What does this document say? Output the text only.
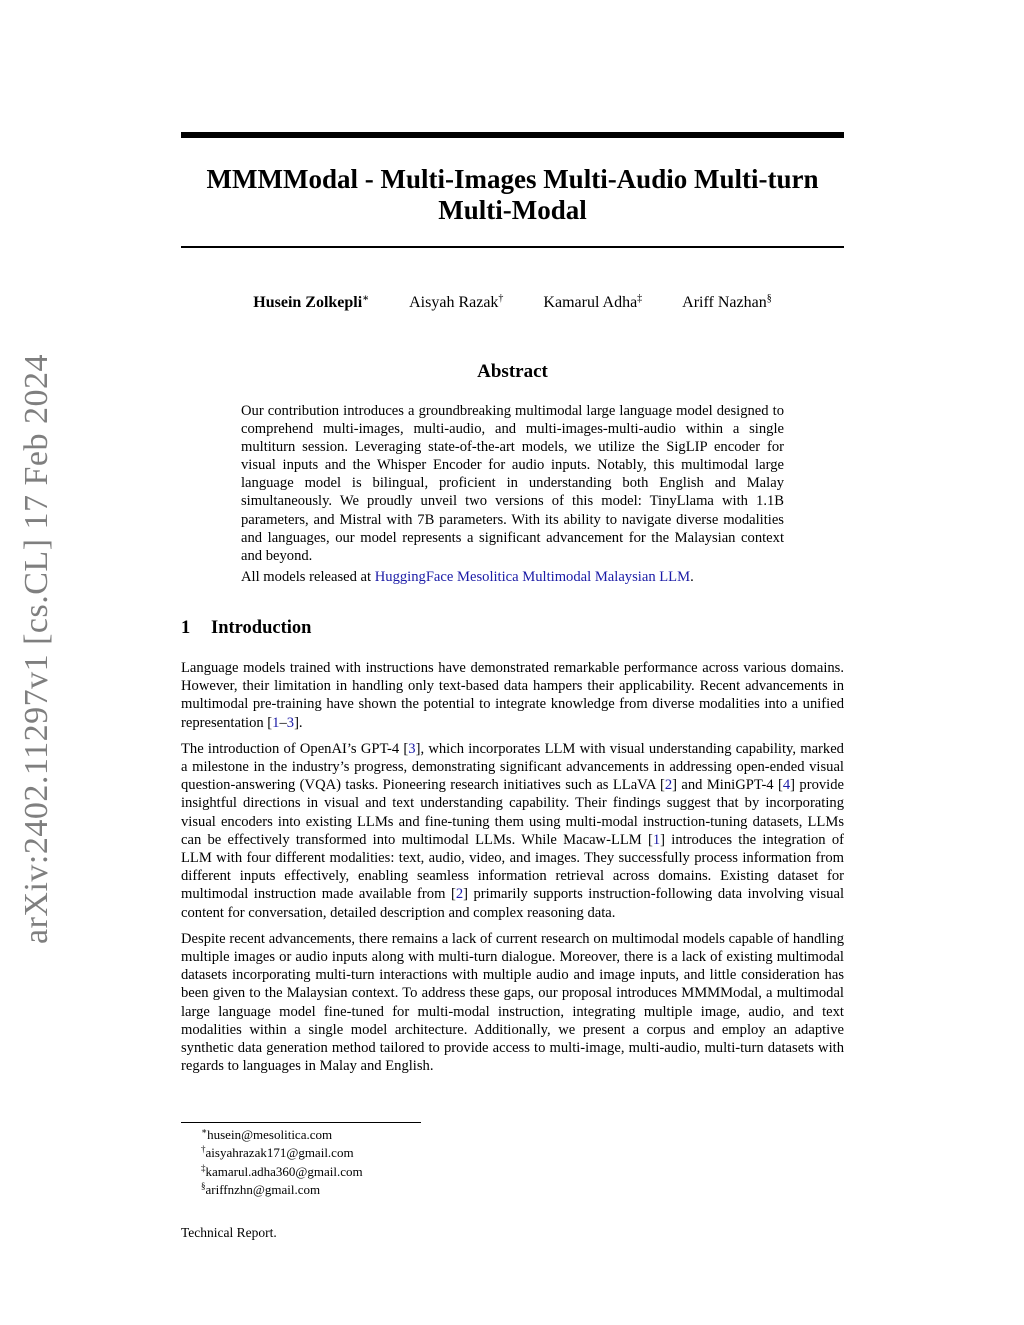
arXiv:2402.11297v1 [cs.CL] 17 Feb 2024
MMMModal - Multi-Images Multi-Audio Multi-turn Multi-Modal
Husein Zolkepli∗	Aisyah Razak†	Kamarul Adha‡	Ariff Nazhan§
Abstract

Our contribution introduces a groundbreaking multimodal large language model designed to comprehend multi-images, multi-audio, and multi-images-multi-audio within a single multiturn session. Leveraging state-of-the-art models, we utilize the SigLIP encoder for visual inputs and the Whisper Encoder for audio inputs. Notably, this multimodal large language model is bilingual, proficient in understanding both English and Malay simultaneously. We proudly unveil two versions of this model: TinyLlama with 1.1B parameters, and Mistral with 7B parameters. With its ability to navigate diverse modalities and languages, our model represents a significant advancement for the Malaysian context and beyond.

All models released at HuggingFace Mesolitica Multimodal Malaysian LLM.

1 Introduction

Language models trained with instructions have demonstrated remarkable performance across various domains. However, their limitation in handling only text-based data hampers their applicability. Recent advancements in multimodal pre-training have shown the potential to integrate knowledge from diverse modalities into a unified representation [1–3].

The introduction of OpenAI’s GPT-4 [3], which incorporates LLM with visual understanding capability, marked a milestone in the industry’s progress, demonstrating significant advancements in addressing open-ended visual question-answering (VQA) tasks. Pioneering research initiatives such as LLaVA [2] and MiniGPT-4 [4] provide insightful directions in visual and text understanding capability. Their findings suggest that by incorporating visual encoders into existing LLMs and fine-tuning them using multi-modal instruction-tuning datasets, LLMs can be effectively transformed into multimodal LLMs. While Macaw-LLM [1] introduces the integration of LLM with four different modalities: text, audio, video, and images. They successfully process information from different inputs effectively, enabling seamless information retrieval across domains. Existing dataset for multimodal instruction made available from [2] primarily supports instruction-following data involving visual content for conversation, detailed description and complex reasoning data.

Despite recent advancements, there remains a lack of current research on multimodal models capable of handling multiple images or audio inputs along with multi-turn dialogue. Moreover, there is a lack of existing multimodal datasets incorporating multi-turn interactions with multiple audio and image inputs, and little consideration has been given to the Malaysian context. To address these gaps, our proposal introduces MMMModal, a multimodal large language model fine-tuned for multi-modal instruction, integrating multiple image, audio, and text modalities within a single model architecture. Additionally, we present a corpus and employ an adaptive synthetic data generation method tailored to provide access to multi-image, multi-audio, multi-turn datasets with regards to languages in Malay and English.

∗husein@mesolitica.com
†aisyahrazak171@gmail.com
‡kamarul.adha360@gmail.com
§ariffnzhn@gmail.com
Technical Report.
